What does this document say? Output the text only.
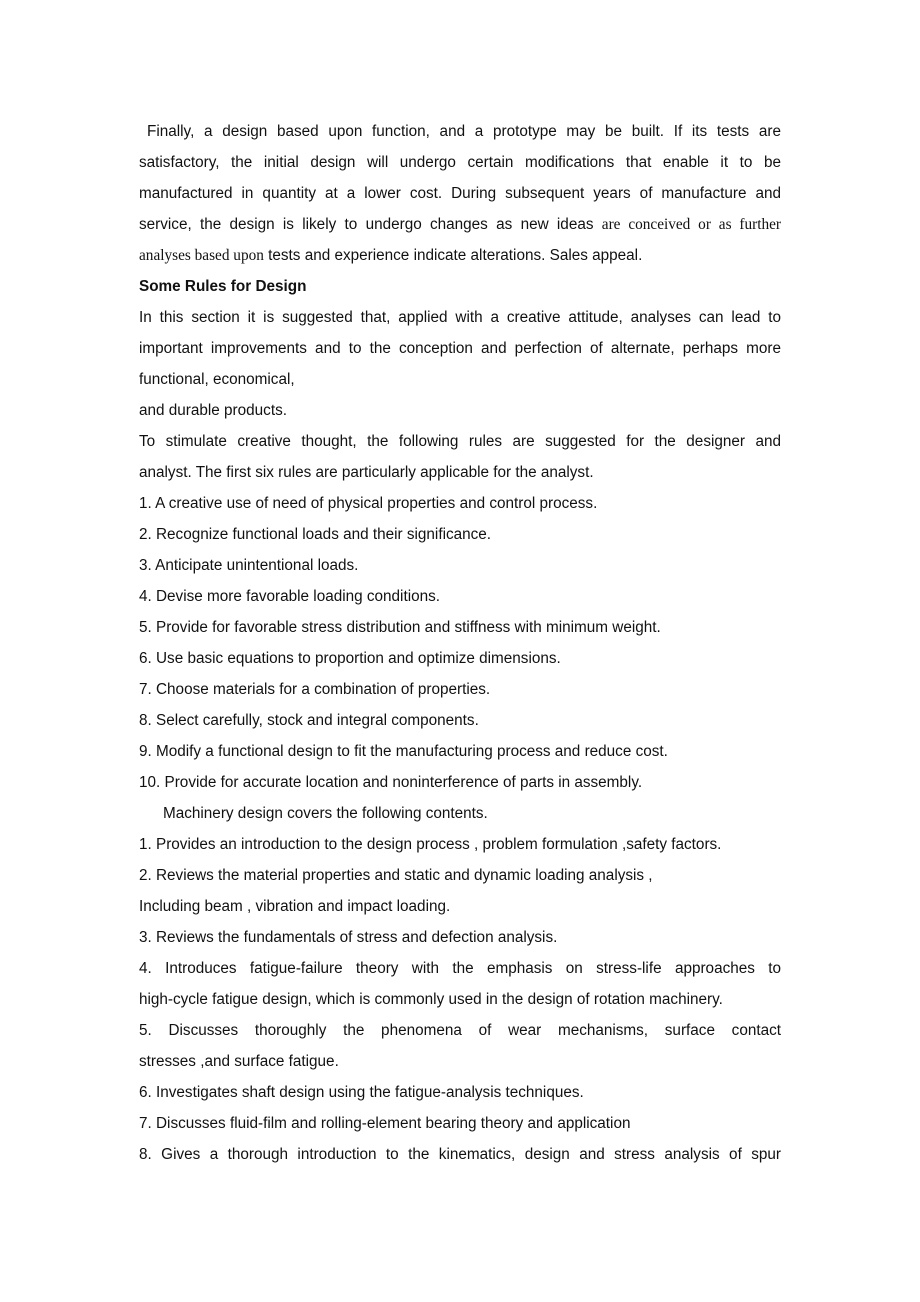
Finally, a design based upon function, and a prototype may be built. If its tests are
satisfactory, the initial design will undergo certain modifications that enable it to be
manufactured in quantity at a lower cost. During subsequent years of manufacture and
service, the design is likely to undergo changes as new ideas are conceived or as further
analyses based upon tests and experience indicate alterations. Sales appeal.
Some Rules for Design
In this section it is suggested that, applied with a creative attitude, analyses can lead to
important improvements and to the conception and perfection of alternate, perhaps more
functional, economical,
and durable products.
To stimulate creative thought, the following rules are suggested for the designer and
analyst. The first six rules are particularly applicable for the analyst.
1. A creative use of need of physical properties and control process.
2. Recognize functional loads and their significance.
3. Anticipate unintentional loads.
4. Devise more favorable loading conditions.
5. Provide for favorable stress distribution and stiffness with minimum weight.
6. Use basic equations to proportion and optimize dimensions.
7. Choose materials for a combination of properties.
8. Select carefully, stock and integral components.
9. Modify a functional design to fit the manufacturing process and reduce cost.
10. Provide for accurate location and noninterference of parts in assembly.
Machinery design covers the following contents.
1. Provides an introduction to the design process , problem formulation ,safety factors.
2. Reviews the material properties and static and dynamic loading analysis ,
Including beam , vibration and impact loading.
3. Reviews the fundamentals of stress and defection analysis.
4. Introduces fatigue-failure theory with the emphasis on stress-life approaches to
high-cycle fatigue design, which is commonly used in the design of rotation machinery.
5. Discusses thoroughly the phenomena of wear mechanisms, surface contact
stresses ,and surface fatigue.
6. Investigates shaft design using the fatigue-analysis techniques.
7. Discusses fluid-film and rolling-element bearing theory and application
8. Gives a thorough introduction to the kinematics, design and stress analysis of spur
